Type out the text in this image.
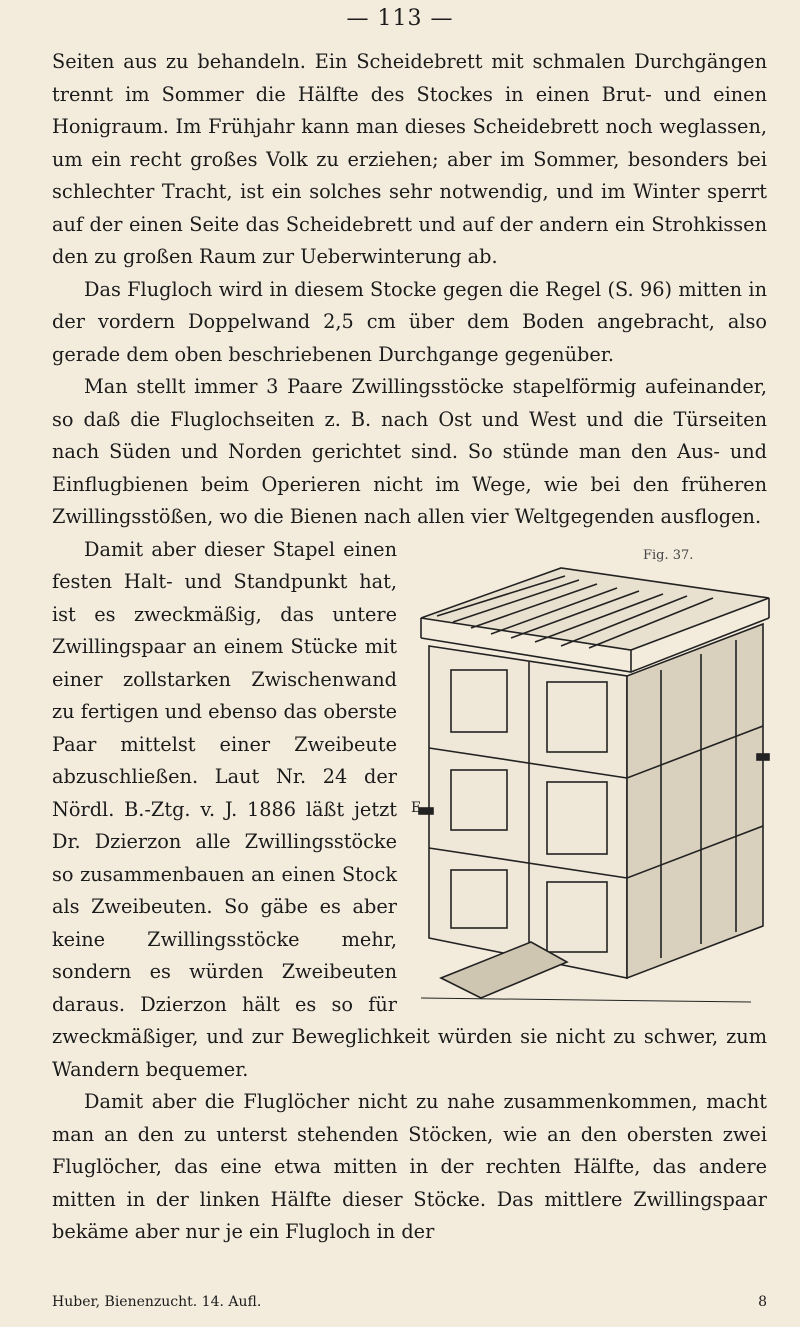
— 113 —

Seiten aus zu behandeln. Ein Scheidebrett mit schmalen Durchgängen trennt im Sommer die Hälfte des Stockes in einen Brut- und einen Honigraum. Im Frühjahr kann man dieses Scheidebrett noch weglassen, um ein recht großes Volk zu erziehen; aber im Sommer, besonders bei schlechter Tracht, ist ein solches sehr notwendig, und im Winter sperrt auf der einen Seite das Scheidebrett und auf der andern ein Strohkissen den zu großen Raum zur Ueberwinterung ab.

Das Flugloch wird in diesem Stocke gegen die Regel (S. 96) mitten in der vordern Doppelwand 2,5 cm über dem Boden angebracht, also gerade dem oben beschriebenen Durchgange gegenüber.

Man stellt immer 3 Paare Zwillingsstöcke stapelförmig aufeinander, so daß die Fluglochseiten z. B. nach Ost und West und die Türseiten nach Süden und Norden gerichtet sind. So stünde man den Aus- und Einflugbienen beim Operieren nicht im Wege, wie bei den früheren Zwillingsstößen, wo die Bienen nach allen vier Weltgegenden ausflogen.

Fig. 37.
E
Damit aber dieser Stapel einen festen Halt- und Standpunkt hat, ist es zweckmäßig, das untere Zwillingspaar an einem Stücke mit einer zollstarken Zwischenwand zu fertigen und ebenso das oberste Paar mittelst einer Zweibeute abzuschließen. Laut Nr. 24 der Nördl. B.-Ztg. v. J. 1886 läßt jetzt Dr. Dzierzon alle Zwillingsstöcke so zusammenbauen an einen Stock als Zweibeuten. So gäbe es aber keine Zwillingsstöcke mehr, sondern es würden Zweibeuten daraus. Dzierzon hält es so für zweckmäßiger, und zur Beweglichkeit würden sie nicht zu schwer, zum Wandern bequemer.

Damit aber die Fluglöcher nicht zu nahe zusammenkommen, macht man an den zu unterst stehenden Stöcken, wie an den obersten zwei Fluglöcher, das eine etwa mitten in der rechten Hälfte, das andere mitten in der linken Hälfte dieser Stöcke. Das mittlere Zwillingspaar bekäme aber nur je ein Flugloch in der

Huber, Bienenzucht. 14. Aufl.	8
